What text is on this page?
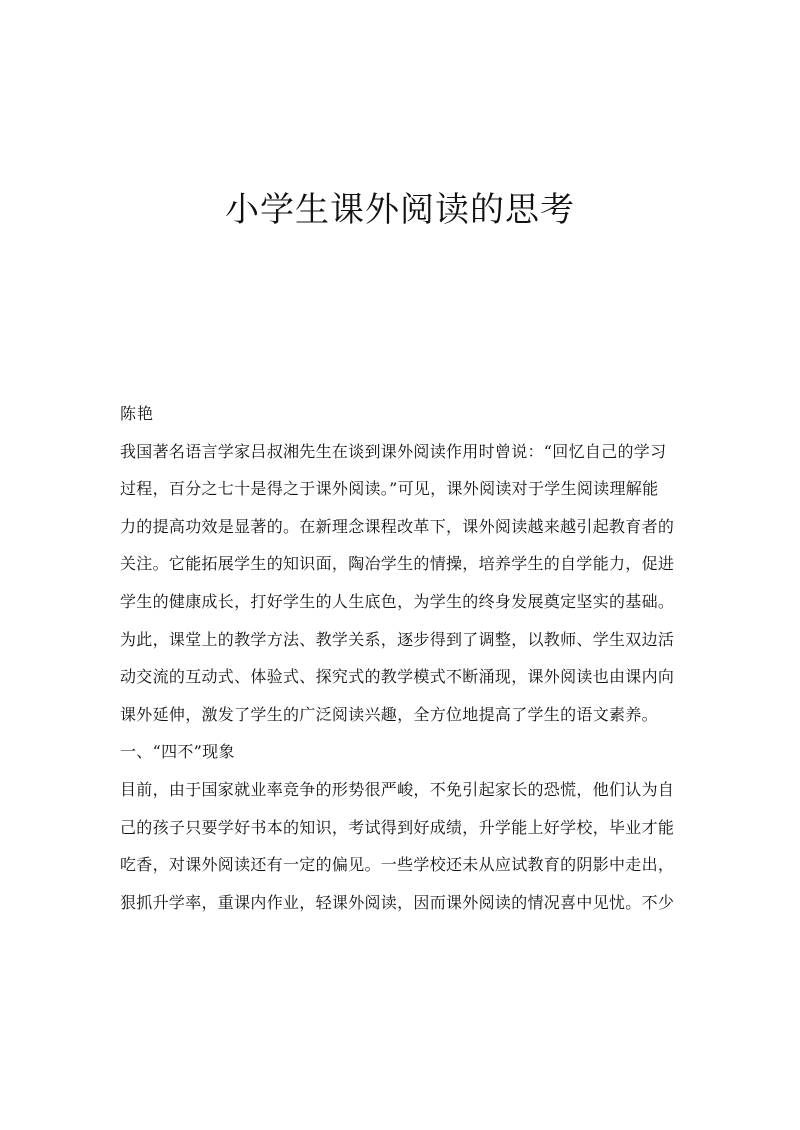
小学生课外阅读的思考
陈艳
我国著名语言学家吕叔湘先生在谈到课外阅读作用时曾说：“回忆自己的学习
过程，百分之七十是得之于课外阅读。”可见，课外阅读对于学生阅读理解能
力的提高功效是显著的。在新理念课程改革下，课外阅读越来越引起教育者的
关注。它能拓展学生的知识面，陶冶学生的情操，培养学生的自学能力，促进
学生的健康成长，打好学生的人生底色，为学生的终身发展奠定坚实的基础。
为此，课堂上的教学方法、教学关系，逐步得到了调整，以教师、学生双边活
动交流的互动式、体验式、探究式的教学模式不断涌现，课外阅读也由课内向
课外延伸，激发了学生的广泛阅读兴趣，全方位地提高了学生的语文素养。
一、“四不”现象
目前，由于国家就业率竞争的形势很严峻，不免引起家长的恐慌，他们认为自
己的孩子只要学好书本的知识，考试得到好成绩，升学能上好学校，毕业才能
吃香，对课外阅读还有一定的偏见。一些学校还未从应试教育的阴影中走出，
狠抓升学率，重课内作业，轻课外阅读，因而课外阅读的情况喜中见忧。不少
